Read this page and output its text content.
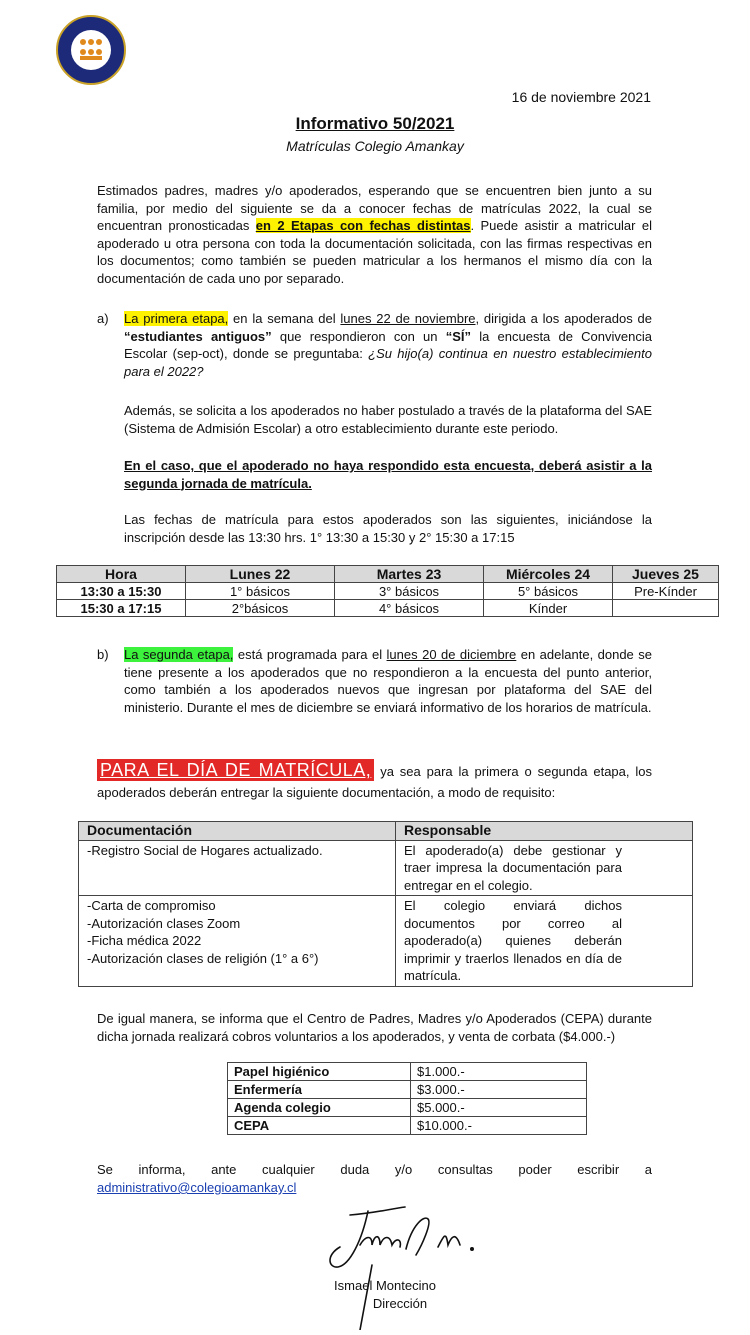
16 de noviembre 2021
Informativo 50/2021
Matrículas Colegio Amankay
Estimados padres, madres y/o apoderados, esperando que se encuentren bien junto a su familia, por medio del siguiente se da a conocer fechas de matrículas 2022, la cual se encuentran pronosticadas en 2 Etapas con fechas distintas. Puede asistir a matricular el apoderado u otra persona con toda la documentación solicitada, con las firmas respectivas en los documentos; como también se pueden matricular a los hermanos el mismo día con la documentación de cada uno por separado.
a) La primera etapa, en la semana del lunes 22 de noviembre, dirigida a los apoderados de “estudiantes antiguos” que respondieron con un “SÍ” la encuesta de Convivencia Escolar (sep-oct), donde se preguntaba: ¿Su hijo(a) continua en nuestro establecimiento para el 2022?
Además, se solicita a los apoderados no haber postulado a través de la plataforma del SAE (Sistema de Admisión Escolar) a otro establecimiento durante este periodo.
En el caso, que el apoderado no haya respondido esta encuesta, deberá asistir a la segunda jornada de matrícula.
Las fechas de matrícula para estos apoderados son las siguientes, iniciándose la inscripción desde las 13:30 hrs. 1° 13:30 a 15:30 y 2° 15:30 a 17:15
Hora	Lunes 22	Martes 23	Miércoles 24	Jueves 25
13:30 a 15:30	1° básicos	3° básicos	5° básicos	Pre-Kínder
15:30 a 17:15	2°básicos	4° básicos	Kínder	
b) La segunda etapa, está programada para el lunes 20 de diciembre en adelante, donde se tiene presente a los apoderados que no respondieron a la encuesta del punto anterior, como también a los apoderados nuevos que ingresan por plataforma del SAE del ministerio. Durante el mes de diciembre se enviará informativo de los horarios de matrícula.
PARA EL DÍA DE MATRÍCULA, ya sea para la primera o segunda etapa, los apoderados deberán entregar la siguiente documentación, a modo de requisito:
Documentación	Responsable

-Registro Social de Hogares actualizado.	El apoderado(a) debe gestionar y traer impresa la documentación para entregar en el colegio.

-Carta de compromiso
-Autorización clases Zoom
-Ficha médica 2022
-Autorización clases de religión (1° a 6°)	El colegio enviará dichos documentos por correo al apoderado(a) quienes deberán imprimir y traerlos llenados en día de matrícula.
De igual manera, se informa que el Centro de Padres, Madres y/o Apoderados (CEPA) durante dicha jornada realizará cobros voluntarios a los apoderados, y venta de corbata ($4.000.-)
Papel higiénico	$1.000.-
Enfermería	$3.000.-
Agenda colegio	$5.000.-
CEPA	$10.000.-
Se informa, ante cualquier duda y/o consultas poder escribir a
administrativo@colegioamankay.cl
Ismael Montecino
Dirección
